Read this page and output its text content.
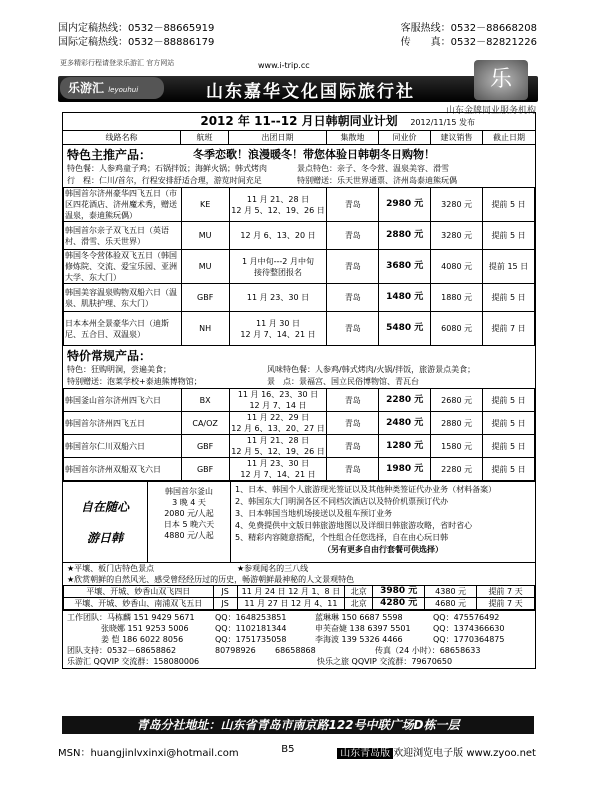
国内定稿热线：0532－88665919	客服热线：0532－88668208
国际定稿热线：0532－88886179	传　　真：0532－82821226
更多精彩行程请登录乐游汇 官方网站	www.i-trip.cc
乐游汇 leyouhui	山东嘉华文化国际旅行社	乐
山东金牌同业服务机构
2012 年 11--12 月日韩朝同业计划 2012/11/15 发布
线路名称	航班	出团日期	集散地	同业价	建议销售	截止日期
特色主推产品：	冬季恋歌！浪漫暖冬！带您体验日韩朝冬日购物！
特色餐：人参鸡童子鸡；石锅拌饭；海鲜火锅；韩式烤肉	景点特色：亲子、冬令营、温泉美容、滑雪
行　程：仁川/首尔，行程安排舒适合理，游览时间充足	特别赠送：乐天世界通票、济州岛泰迪熊玩偶
韩国首尔济州豪华四飞五日（市区四花酒店、济州魔术秀，赠送温泉，泰迪熊玩偶）	KE	11 月 21、28 日
12 月 5、12、19、26 日	青岛	2980 元	3280 元	提前 5 日
韩国首尔亲子双飞五日（英语村、滑雪、乐天世界）	MU	12 月 6、13、20 日	青岛	2880 元	3280 元	提前 5 日
韩国冬令营体验双飞五日（韩国修炼院、交流、爱宝乐园、亚洲大学、东大门）	MU	1 月中旬---2 月中旬
接待整团报名	青岛	3680 元	4080 元	提前 15 日
韩国美容温泉购物双船六日（温泉、肌肤护理、东大门）	GBF	11 月 23、30 日	青岛	1480 元	1880 元	提前 5 日
日本本州全景豪华六日（迪斯尼、五合目、双温泉）	NH	11 月 30 日
12 月 7、14、21 日	青岛	5480 元	6080 元	提前 7 日
特价常规产品：
特色：狂购明洞，尝遍美食；	风味特色餐：人参鸡/韩式烤肉/火锅/拌饭，旅游景点美食；
特别赠送：泡菜学校+泰迪熊博物馆；	景　点：景福宫、国立民俗博物馆、青瓦台
韩国釜山首尔济州四飞六日	BX	11 月 16、23、30 日
12 月 7、14 日	青岛	2280 元	2680 元	提前 5 日
韩国首尔济州四飞五日	CA/OZ	11 月 22、29 日
12 月 6、13、20、27 日	青岛	2480 元	2880 元	提前 5 日
韩国首尔仁川双船六日	GBF	11 月 21、28 日
12 月 5、12、19、26 日	青岛	1280 元	1580 元	提前 5 日
韩国首尔济州双船双飞六日	GBF	11 月 23、30 日
12 月 7、14、21 日	青岛	1980 元	2280 元	提前 5 日
自在随心
游日韩
韩国首尔釜山
3 晚 4 天
2080 元/人起
日本 5 晚六天
4880 元/人起
1、日本、韩国个人旅游现光签证以及其他种类签证代办业务（材料备案）
2、韩国东大门明洞各区不同档次酒店以及特价机票预订代办
3、日本韩国当地机场接送以及租车预订业务
4、免费提供中文版日韩旅游地图以及详细日韩旅游攻略，省时省心
5、精彩内容随意搭配，个性组合任您选择，自在由心玩日韩
（另有更多自由行套餐可供选择）
★平壤、板门店特色景点	★参观闻名的三八线
★欣赏朝鲜的自然风光、感受曾经经历过的历史，畅游朝鲜最神秘的人文景观特色
平壤、开城、妙香山双飞四日	JS	11 月 24 日 12 月 1、8 日	北京	3980 元	4380 元	提前 7 天
平壤、开城、妙香山、南浦双飞五日	JS	11 月 27 日 12 月 4、11	北京	4280 元	4680 元	提前 7 天
工作团队：马栋麟 151 9429 5671	QQ：1648253851	蓝琳琳 150 6687 5598	QQ：475576492
张晓娜 151 9253 5006	QQ：1102181344	申芙奋婕 138 6397 5501	QQ：1374366630
姜 恺 186 6022 8056	QQ：1751735058	李海波 139 5326 4466	QQ：1770364875
团队支持：0532－68658862	80798926	68658868	传真（24 小时）：68658633
乐游汇 QQVIP 交流群：158080006	快乐之旅 QQVIP 交流群：79670650
青岛分社地址：山东省青岛市南京路122号中联广场D栋一层
MSN：huangjinlvxinxi@hotmail.com	B5	山东青岛版 欢迎浏览电子版 www.zyoo.net
